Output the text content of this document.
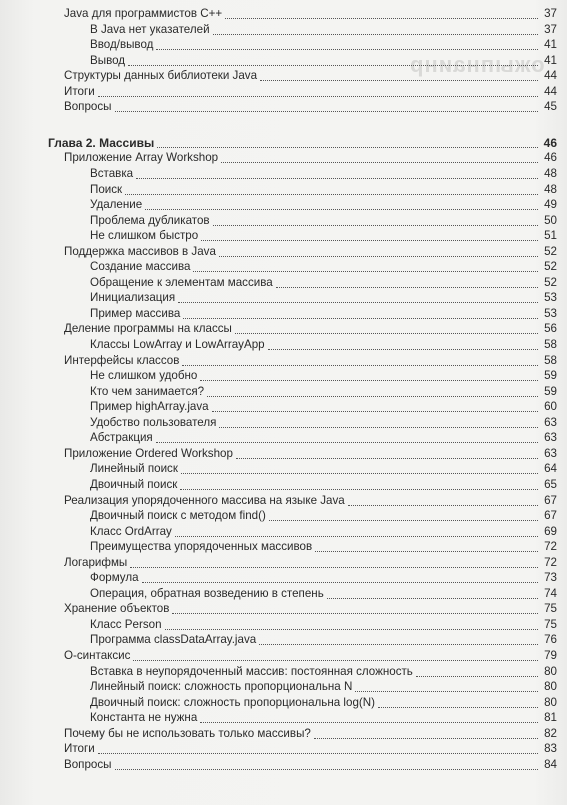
ожыпнаинр
Java для программистов C++	37
В Java нет указателей	37
Ввод/вывод	41
Вывод	41
Структуры данных библиотеки Java	44
Итоги	44
Вопросы	45
Глава 2. Массивы	46
Приложение Array Workshop	46
Вставка	48
Поиск	48
Удаление	49
Проблема дубликатов	50
Не слишком быстро	51
Поддержка массивов в Java	52
Создание массива	52
Обращение к элементам массива	52
Инициализация	53
Пример массива	53
Деление программы на классы	56
Классы LowArray и LowArrayApp	58
Интерфейсы классов	58
Не слишком удобно	59
Кто чем занимается?	59
Пример highArray.java	60
Удобство пользователя	63
Абстракция	63
Приложение Ordered Workshop	63
Линейный поиск	64
Двоичный поиск	65
Реализация упорядоченного массива на языке Java	67
Двоичный поиск с методом find()	67
Класс OrdArray	69
Преимущества упорядоченных массивов	72
Логарифмы	72
Формула	73
Операция, обратная возведению в степень	74
Хранение объектов	75
Класс Person	75
Программа classDataArray.java	76
O-синтаксис	79
Вставка в неупорядоченный массив: постоянная сложность	80
Линейный поиск: сложность пропорциональна N	80
Двоичный поиск: сложность пропорциональна log(N)	80
Константа не нужна	81
Почему бы не использовать только массивы?	82
Итоги	83
Вопросы	84
